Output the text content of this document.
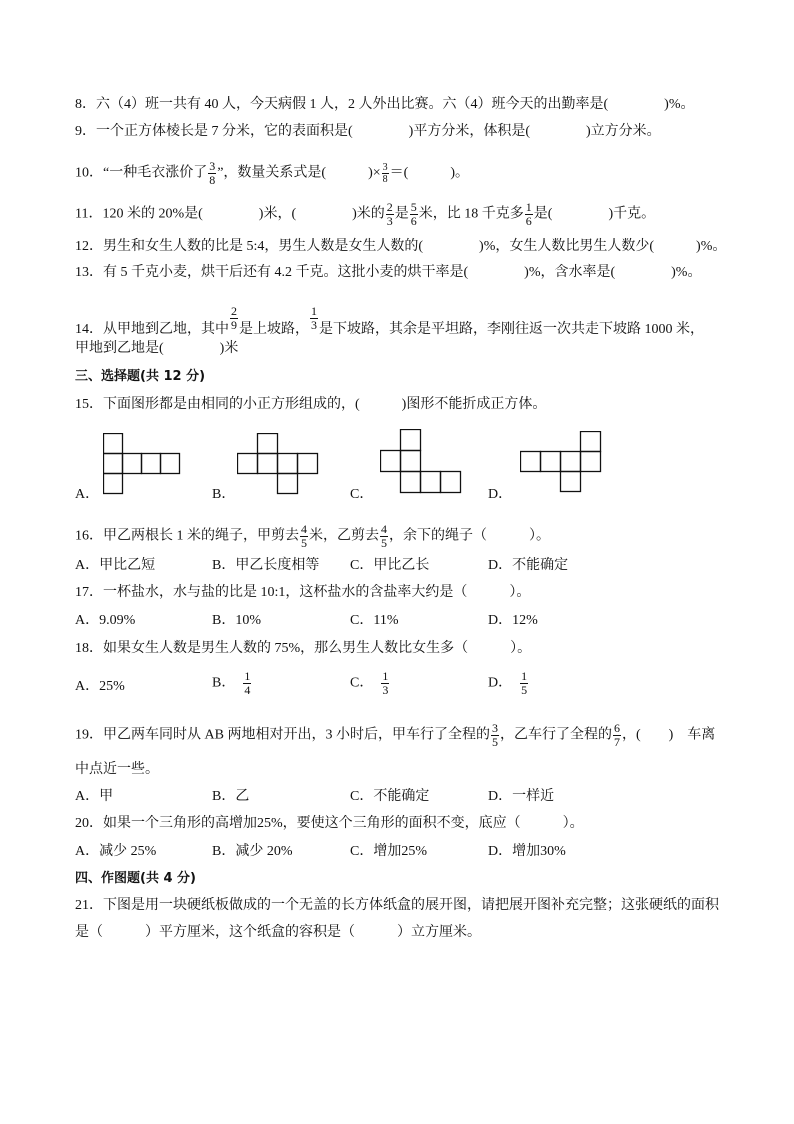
8．六（4）班一共有 40 人，今天病假 1 人，2 人外出比赛。六（4）班今天的出勤率是(　　　　)%。
9．一个正方体棱长是 7 分米，它的表面积是(　　　　)平方分米，体积是(　　　　)立方分米。
10．“一种毛衣涨价了 $\frac{3}{8}$ ”，数量关系式是(　　　)× $\frac{3}{8}$ ＝(　　　)。
11．120 米的 20%是(　　　　)米，(　　　　)米的 $\frac{2}{3}$ 是 $\frac{5}{6}$ 米，比 18 千克多 $\frac{1}{6}$ 是(　　　　)千克。
12．男生和女生人数的比是 5:4，男生人数是女生人数的(　　　　)%，女生人数比男生人数少(　　　)%。
13．有 5 千克小麦，烘干后还有 4.2 千克。这批小麦的烘干率是(　　　　)%，含水率是(　　　　)%。
14．从甲地到乙地，其中 $\frac{2}{9}$ 是上坡路， $\frac{1}{3}$ 是下坡路，其余是平坦路，李刚往返一次共走下坡路 1000 米，
甲地到乙地是(　　　　)米
三、选择题(共 12 分)
15．下面图形都是由相同的小正方形组成的，(　　　)图形不能折成正方体。
A．	B．	C．	D．
16．甲乙两根长 1 米的绳子，甲剪去 $\frac{4}{5}$ 米，乙剪去 $\frac{4}{5}$ ，余下的绳子（　　　）。
A．甲比乙短	B．甲乙长度相等 C．甲比乙长	D．不能确定
17．一杯盐水，水与盐的比是 10:1，这杯盐水的含盐率大约是（　　　）。
A．9.09%	B．10%	C．11%	D．12%
18．如果女生人数是男生人数的 75%，那么男生人数比女生多（　　　）。
A．25%	B． $\frac{1}{4}$	C． $\frac{1}{3}$	D． $\frac{1}{5}$
19．甲乙两车同时从 AB 两地相对开出，3 小时后，甲车行了全程的 $\frac{3}{5}$ ，乙车行了全程的 $\frac{6}{7}$ ，(　　)　车离
中点近一些。
A．甲	B．乙	C．不能确定	D．一样近
20．如果一个三角形的高增加25%，要使这个三角形的面积不变，底应（　　　）。
A．减少 25%	B．减少 20%	C．增加25%	D．增加30%
四、作图题(共 4 分)
21．下图是用一块硬纸板做成的一个无盖的长方体纸盒的展开图，请把展开图补充完整；这张硬纸的面积
是（　　　）平方厘米，这个纸盒的容积是（　　　）立方厘米。
